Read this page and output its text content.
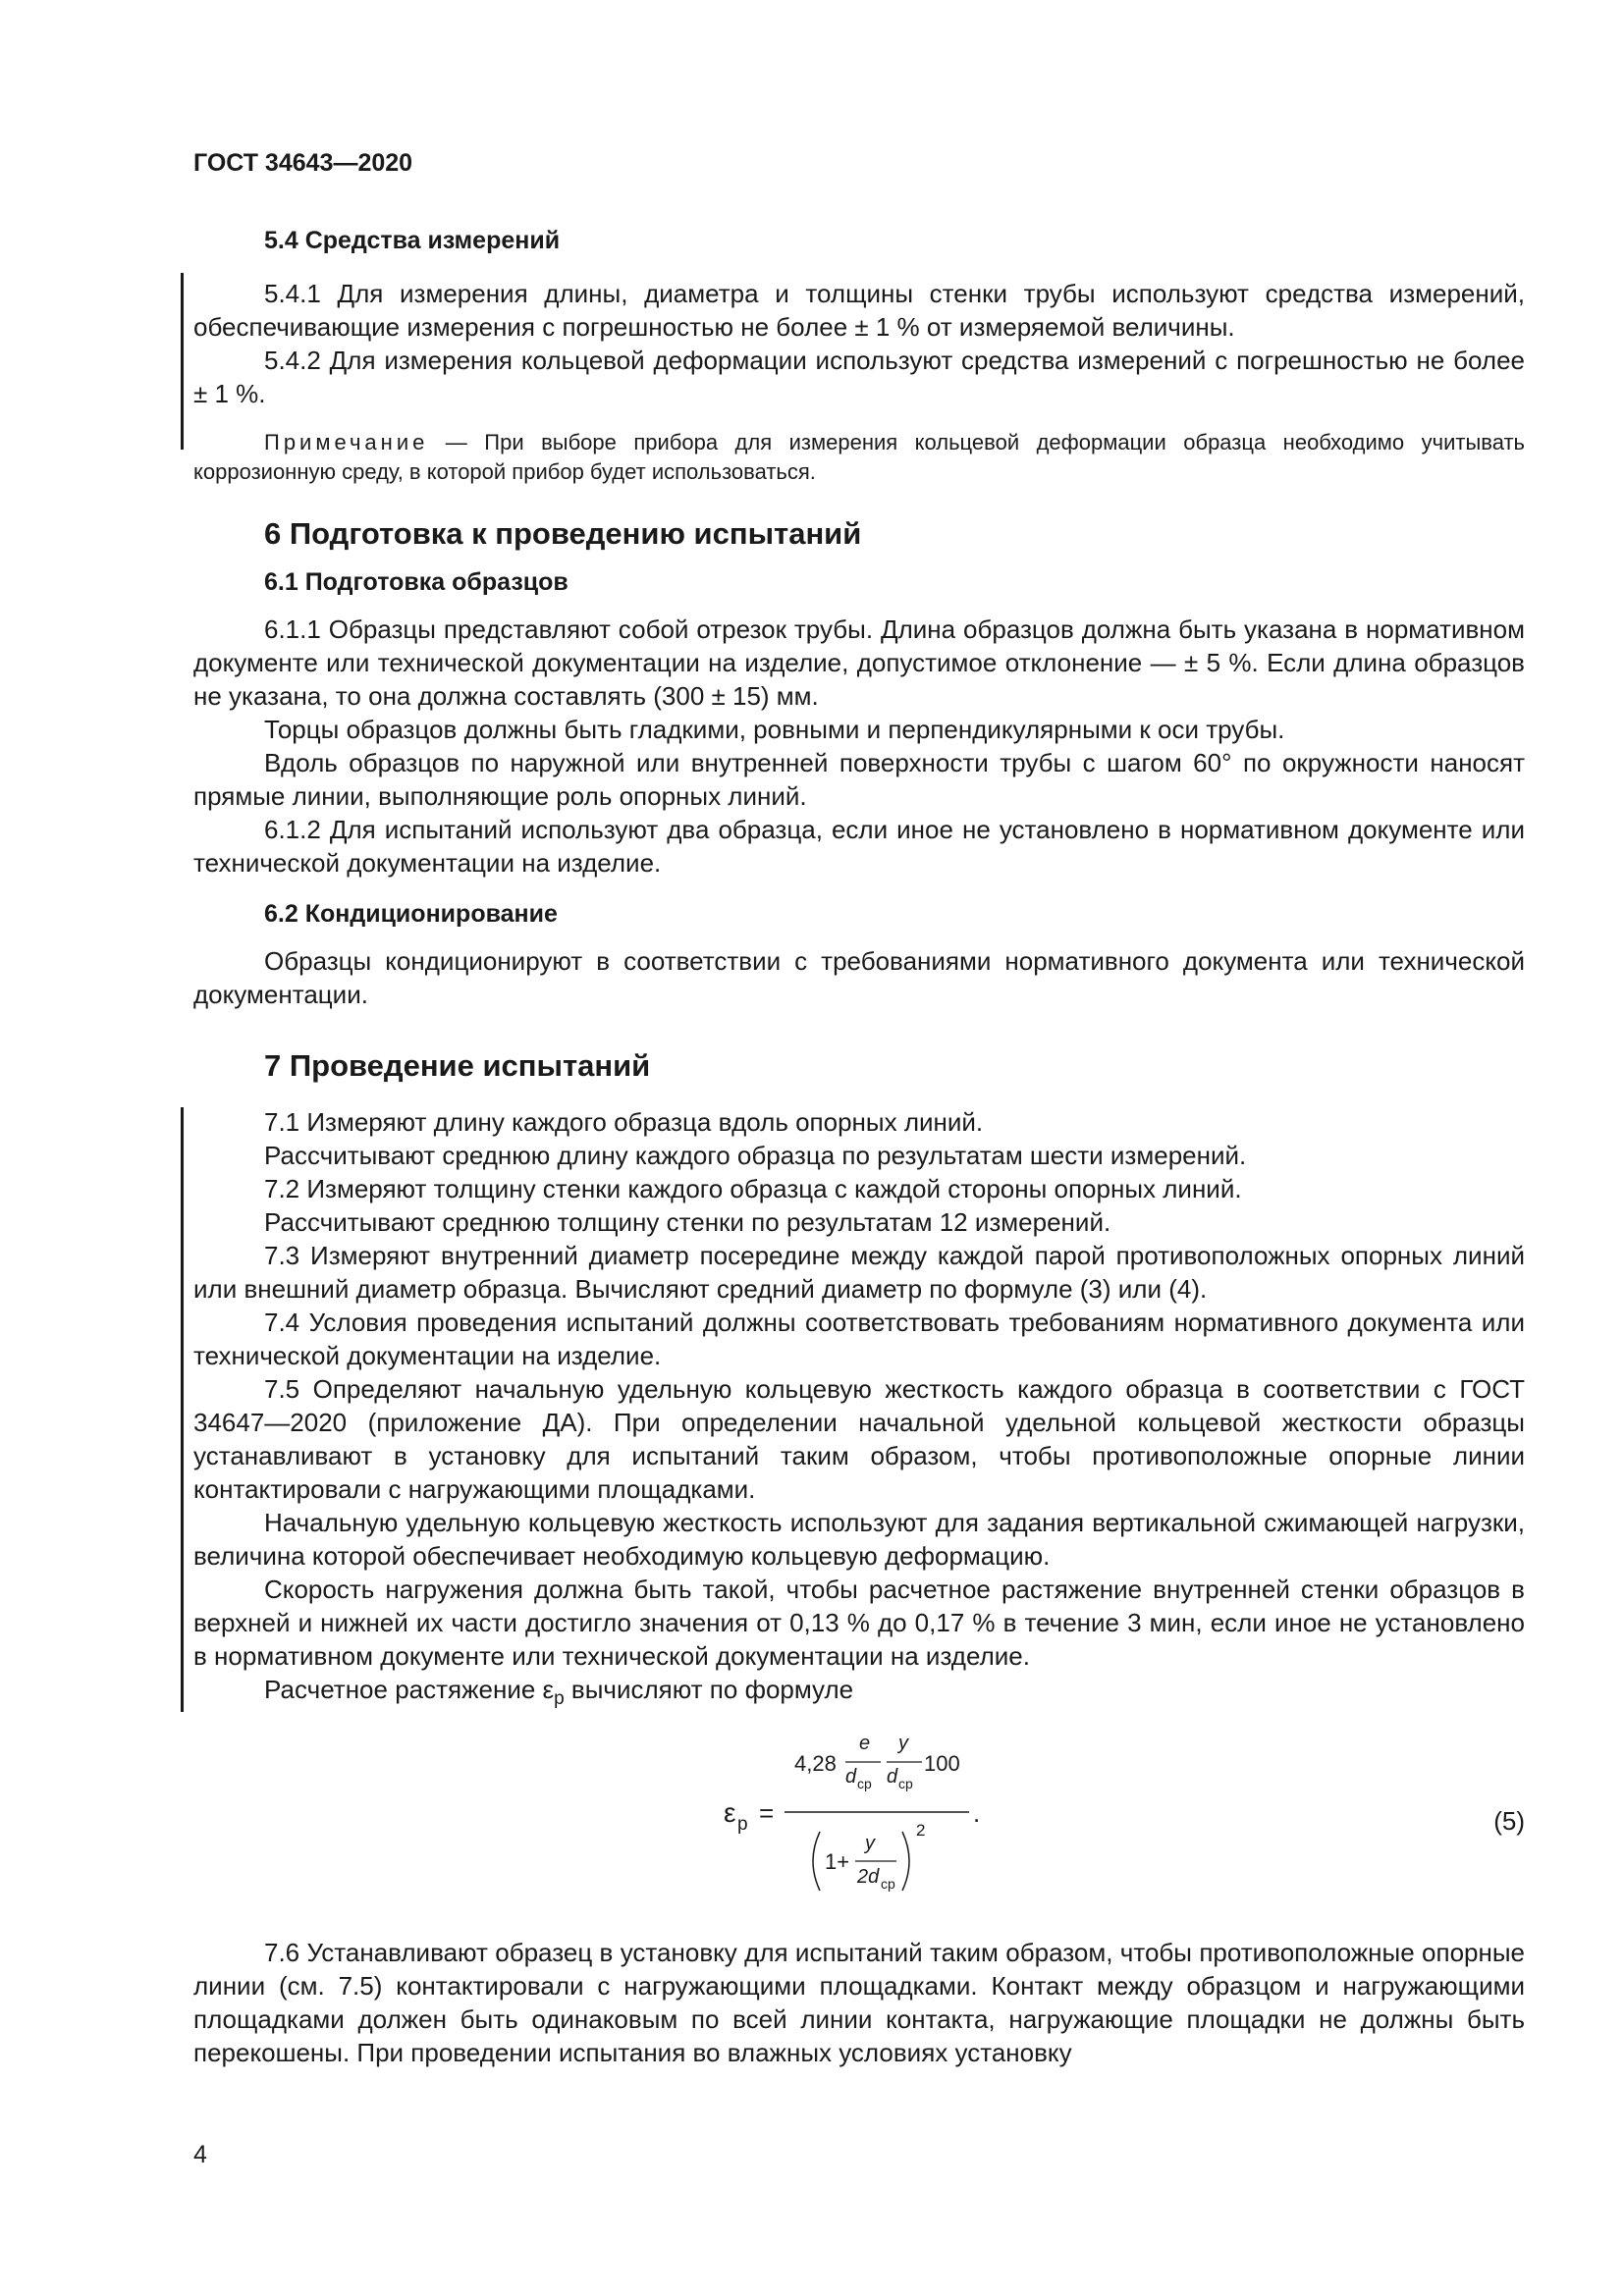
ГОСТ 34643—2020
5.4 Средства измерений

5.4.1 Для измерения длины, диаметра и толщины стенки трубы используют средства измерений, обеспечивающие измерения с погрешностью не более ± 1 % от измеряемой величины.

5.4.2 Для измерения кольцевой деформации используют средства измерений с погрешностью не более ± 1 %.

Примечание — При выборе прибора для измерения кольцевой деформации образца необходимо учитывать коррозионную среду, в которой прибор будет использоваться.

6 Подготовка к проведению испытаний
6.1 Подготовка образцов

6.1.1 Образцы представляют собой отрезок трубы. Длина образцов должна быть указана в нормативном документе или технической документации на изделие, допустимое отклонение — ± 5 %. Если длина образцов не указана, то она должна составлять (300 ± 15) мм.

Торцы образцов должны быть гладкими, ровными и перпендикулярными к оси трубы.

Вдоль образцов по наружной или внутренней поверхности трубы с шагом 60° по окружности наносят прямые линии, выполняющие роль опорных линий.

6.1.2 Для испытаний используют два образца, если иное не установлено в нормативном документе или технической документации на изделие.

6.2 Кондиционирование

Образцы кондиционируют в соответствии с требованиями нормативного документа или технической документации.

7 Проведение испытаний

7.1 Измеряют длину каждого образца вдоль опорных линий.

Рассчитывают среднюю длину каждого образца по результатам шести измерений.

7.2 Измеряют толщину стенки каждого образца с каждой стороны опорных линий.

Рассчитывают среднюю толщину стенки по результатам 12 измерений.

7.3 Измеряют внутренний диаметр посередине между каждой парой противоположных опорных линий или внешний диаметр образца. Вычисляют средний диаметр по формуле (3) или (4).

7.4 Условия проведения испытаний должны соответствовать требованиям нормативного документа или технической документации на изделие.

7.5 Определяют начальную удельную кольцевую жесткость каждого образца в соответствии с ГОСТ 34647—2020 (приложение ДА). При определении начальной удельной кольцевой жесткости образцы устанавливают в установку для испытаний таким образом, чтобы противоположные опорные линии контактировали с нагружающими площадками.

Начальную удельную кольцевую жесткость используют для задания вертикальной сжимающей нагрузки, величина которой обеспечивает необходимую кольцевую деформацию.

Скорость нагружения должна быть такой, чтобы расчетное растяжение внутренней стенки образцов в верхней и нижней их части достигло значения от 0,13 % до 0,17 % в течение 3 мин, если иное не установлено в нормативном документе или технической документации на изделие.

Расчетное растяжение $\varepsilon_р$ вычисляют по формуле

ε р =
4,28
e
d ср
y
d ср
100
1+
y
2d ср
2
.	(5)

7.6 Устанавливают образец в установку для испытаний таким образом, чтобы противоположные опорные линии (см. 7.5) контактировали с нагружающими площадками. Контакт между образцом и нагружающими площадками должен быть одинаковым по всей линии контакта, нагружающие площадки не должны быть перекошены. При проведении испытания во влажных условиях установку

4
